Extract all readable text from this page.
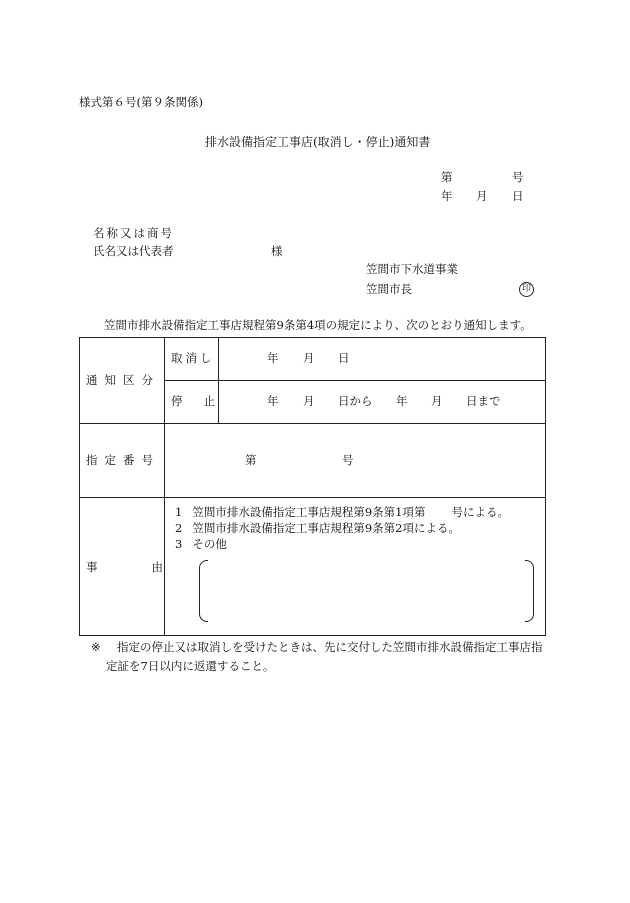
様式第６号(第９条関係)
排水設備指定工事店(取消し・停止)通知書
第	号
年 月 日
名称又は商号
氏名又は代表者	様
笠間市下水道事業
笠間市長	印
笠間市排水設備指定工事店規程第9条第4項の規定により、次のとおり通知します。
通知区分
取消し	年 月 日
停止	年 月 日から 年 月 日まで
指定番号	第	号
事由
1 笠間市排水設備指定工事店規程第9条第1項第 号による。
2 笠間市排水設備指定工事店規程第9条第2項による。
3 その他
※ 指定の停止又は取消しを受けたときは、先に交付した笠間市排水設備指定工事店指
定証を7日以内に返還すること。
